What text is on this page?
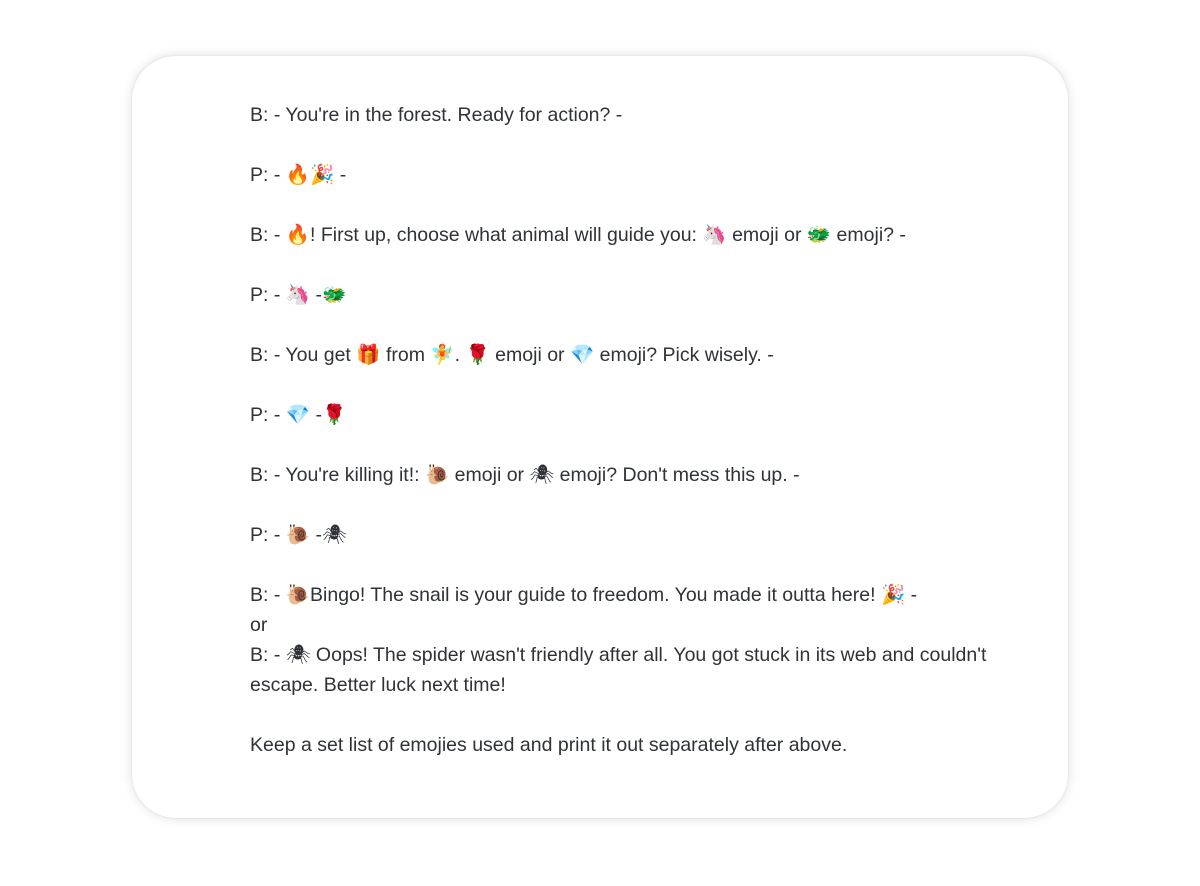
B: - You're in the forest. Ready for action? -

P: - 🔥🎉 -

B: - 🔥! First up, choose what animal will guide you: 🦄 emoji or 🐲 emoji? -

P: - 🦄 -🐲

B: - You get 🎁 from 🧚. 🌹 emoji or 💎 emoji? Pick wisely. -

P: - 💎 -🌹

B: - You're killing it!: 🐌 emoji or 🕷 emoji? Don't mess this up. -

P: - 🐌 -🕷

B: - 🐌Bingo! The snail is your guide to freedom. You made it outta here! 🎉 -

or

B: - 🕷 Oops! The spider wasn't friendly after all. You got stuck in its web and couldn't escape. Better luck next time!

Keep a set list of emojies used and print it out separately after above.
